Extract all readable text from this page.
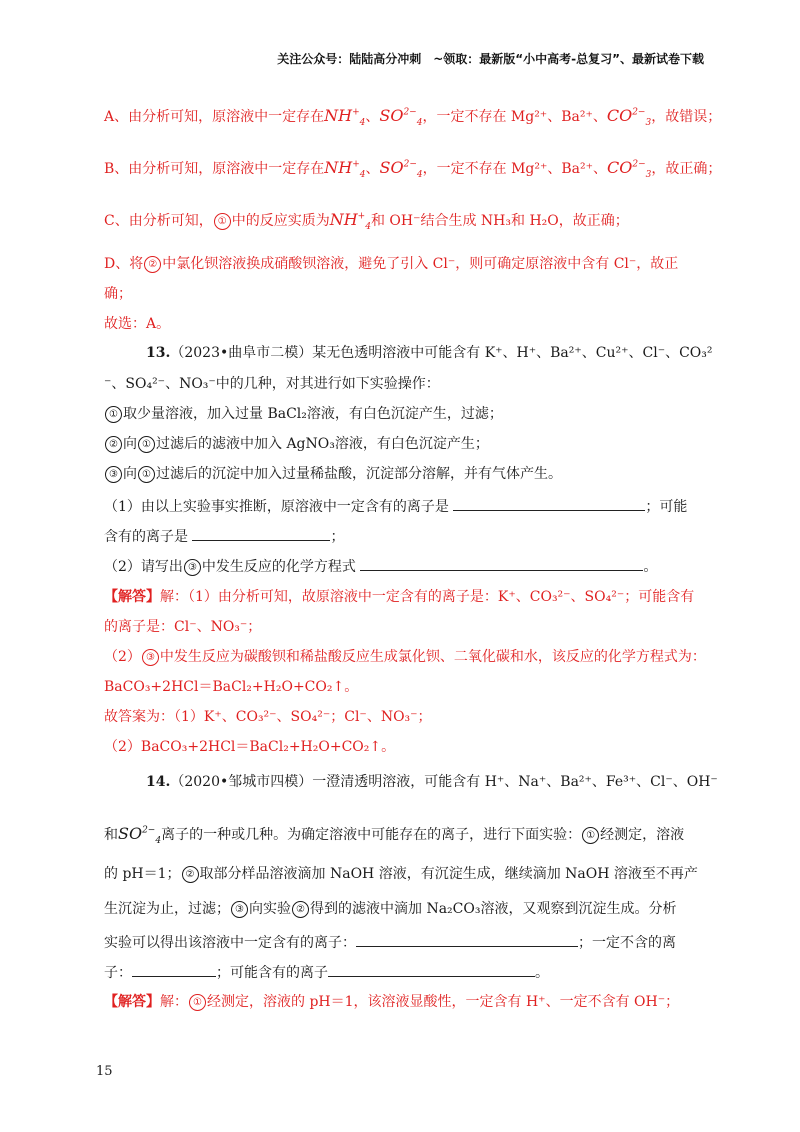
关注公众号：陆陆高分冲刺　~领取：最新版“小中高考-总复习”、最新试卷下载
A、由分析可知，原溶液中一定存在$NH^+_4$、$SO^{2-}_4$，一定不存在 Mg²⁺、Ba²⁺、$CO^{2-}_3$，故错误；
B、由分析可知，原溶液中一定存在$NH^+_4$、$SO^{2-}_4$，一定不存在 Mg²⁺、Ba²⁺、$CO^{2-}_3$，故正确；
C、由分析可知， ① 中的反应实质为$NH^+_4$和 OH⁻结合生成 NH₃和 H₂O，故正确；
D、将 ② 中氯化钡溶液换成硝酸钡溶液，避免了引入 Cl⁻，则可确定原溶液中含有 Cl⁻，故正
确；
故选：A。
13.（2023•曲阜市二模）某无色透明溶液中可能含有 K⁺、H⁺、Ba²⁺、Cu²⁺、Cl⁻、CO₃²
⁻、SO₄²⁻、NO₃⁻中的几种，对其进行如下实验操作：
① 取少量溶液，加入过量 BaCl₂溶液，有白色沉淀产生，过滤；
② 向 ① 过滤后的滤液中加入 AgNO₃溶液，有白色沉淀产生；
③ 向 ① 过滤后的沉淀中加入过量稀盐酸，沉淀部分溶解，并有气体产生。
（1）由以上实验事实推断，原溶液中一定含有的离子是	；可能
含有的离子是	；
（2）请写出 ③ 中发生反应的化学方程式	。
【解答】解：（1）由分析可知，故原溶液中一定含有的离子是：K⁺、CO₃²⁻、SO₄²⁻；可能含有
的离子是：Cl⁻、NO₃⁻；
（2） ③ 中发生反应为碳酸钡和稀盐酸反应生成氯化钡、二氧化碳和水，该反应的化学方程式为：
BaCO₃+2HCl＝BaCl₂+H₂O+CO₂↑。
故答案为：（1）K⁺、CO₃²⁻、SO₄²⁻；Cl⁻、NO₃⁻；
（2）BaCO₃+2HCl＝BaCl₂+H₂O+CO₂↑。
14.（2020•邹城市四模）一澄清透明溶液，可能含有 H⁺、Na⁺、Ba²⁺、Fe³⁺、Cl⁻、OH⁻
和$SO^{2-}_4$离子的一种或几种。为确定溶液中可能存在的离子，进行下面实验： ① 经测定，溶液
的 pH＝1； ② 取部分样品溶液滴加 NaOH 溶液，有沉淀生成，继续滴加 NaOH 溶液至不再产
生沉淀为止，过滤； ③ 向实验 ② 得到的滤液中滴加 Na₂CO₃溶液，又观察到沉淀生成。分析
实验可以得出该溶液中一定含有的离子：	；一定不含的离
子：	；可能含有的离子	。
【解答】解： ① 经测定，溶液的 pH＝1，该溶液显酸性，一定含有 H⁺、一定不含有 OH⁻；
15
